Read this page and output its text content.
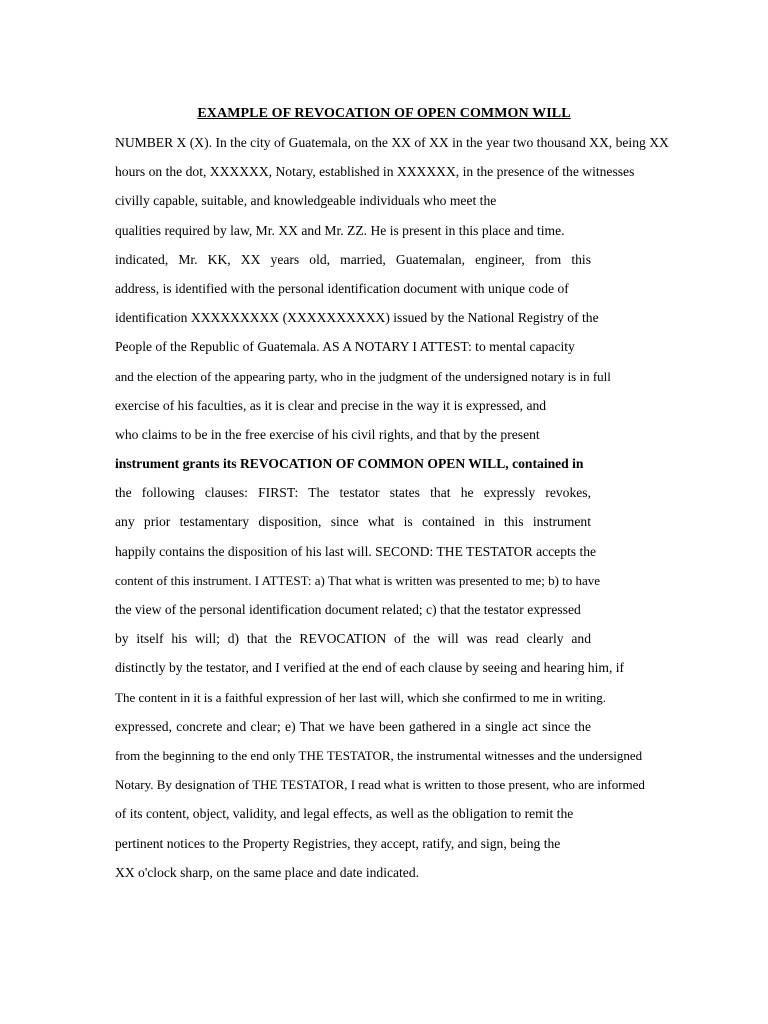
EXAMPLE OF REVOCATION OF OPEN COMMON WILL
NUMBER X (X). In the city of Guatemala, on the XX of XX in the year two thousand XX, being XX
hours on the dot, XXXXXX, Notary, established in XXXXXX, in the presence of the witnesses
civilly capable, suitable, and knowledgeable individuals who meet the
qualities required by law, Mr. XX and Mr. ZZ. He is present in this place and time.
indicated, Mr. KK, XX years old, married, Guatemalan, engineer, from this
address, is identified with the personal identification document with unique code of
identification XXXXXXXXX (XXXXXXXXXX) issued by the National Registry of the
People of the Republic of Guatemala. AS A NOTARY I ATTEST: to mental capacity
and the election of the appearing party, who in the judgment of the undersigned notary is in full
exercise of his faculties, as it is clear and precise in the way it is expressed, and
who claims to be in the free exercise of his civil rights, and that by the present
instrument grants its REVOCATION OF COMMON OPEN WILL, contained in
the following clauses: FIRST: The testator states that he expressly revokes,
any prior testamentary disposition, since what is contained in this instrument
happily contains the disposition of his last will. SECOND: THE TESTATOR accepts the
content of this instrument. I ATTEST: a) That what is written was presented to me; b) to have
the view of the personal identification document related; c) that the testator expressed
by itself his will; d) that the REVOCATION of the will was read clearly and
distinctly by the testator, and I verified at the end of each clause by seeing and hearing him, if
The content in it is a faithful expression of her last will, which she confirmed to me in writing.
expressed, concrete and clear; e) That we have been gathered in a single act since the
from the beginning to the end only THE TESTATOR, the instrumental witnesses and the undersigned
Notary. By designation of THE TESTATOR, I read what is written to those present, who are informed
of its content, object, validity, and legal effects, as well as the obligation to remit the
pertinent notices to the Property Registries, they accept, ratify, and sign, being the
XX o'clock sharp, on the same place and date indicated.
